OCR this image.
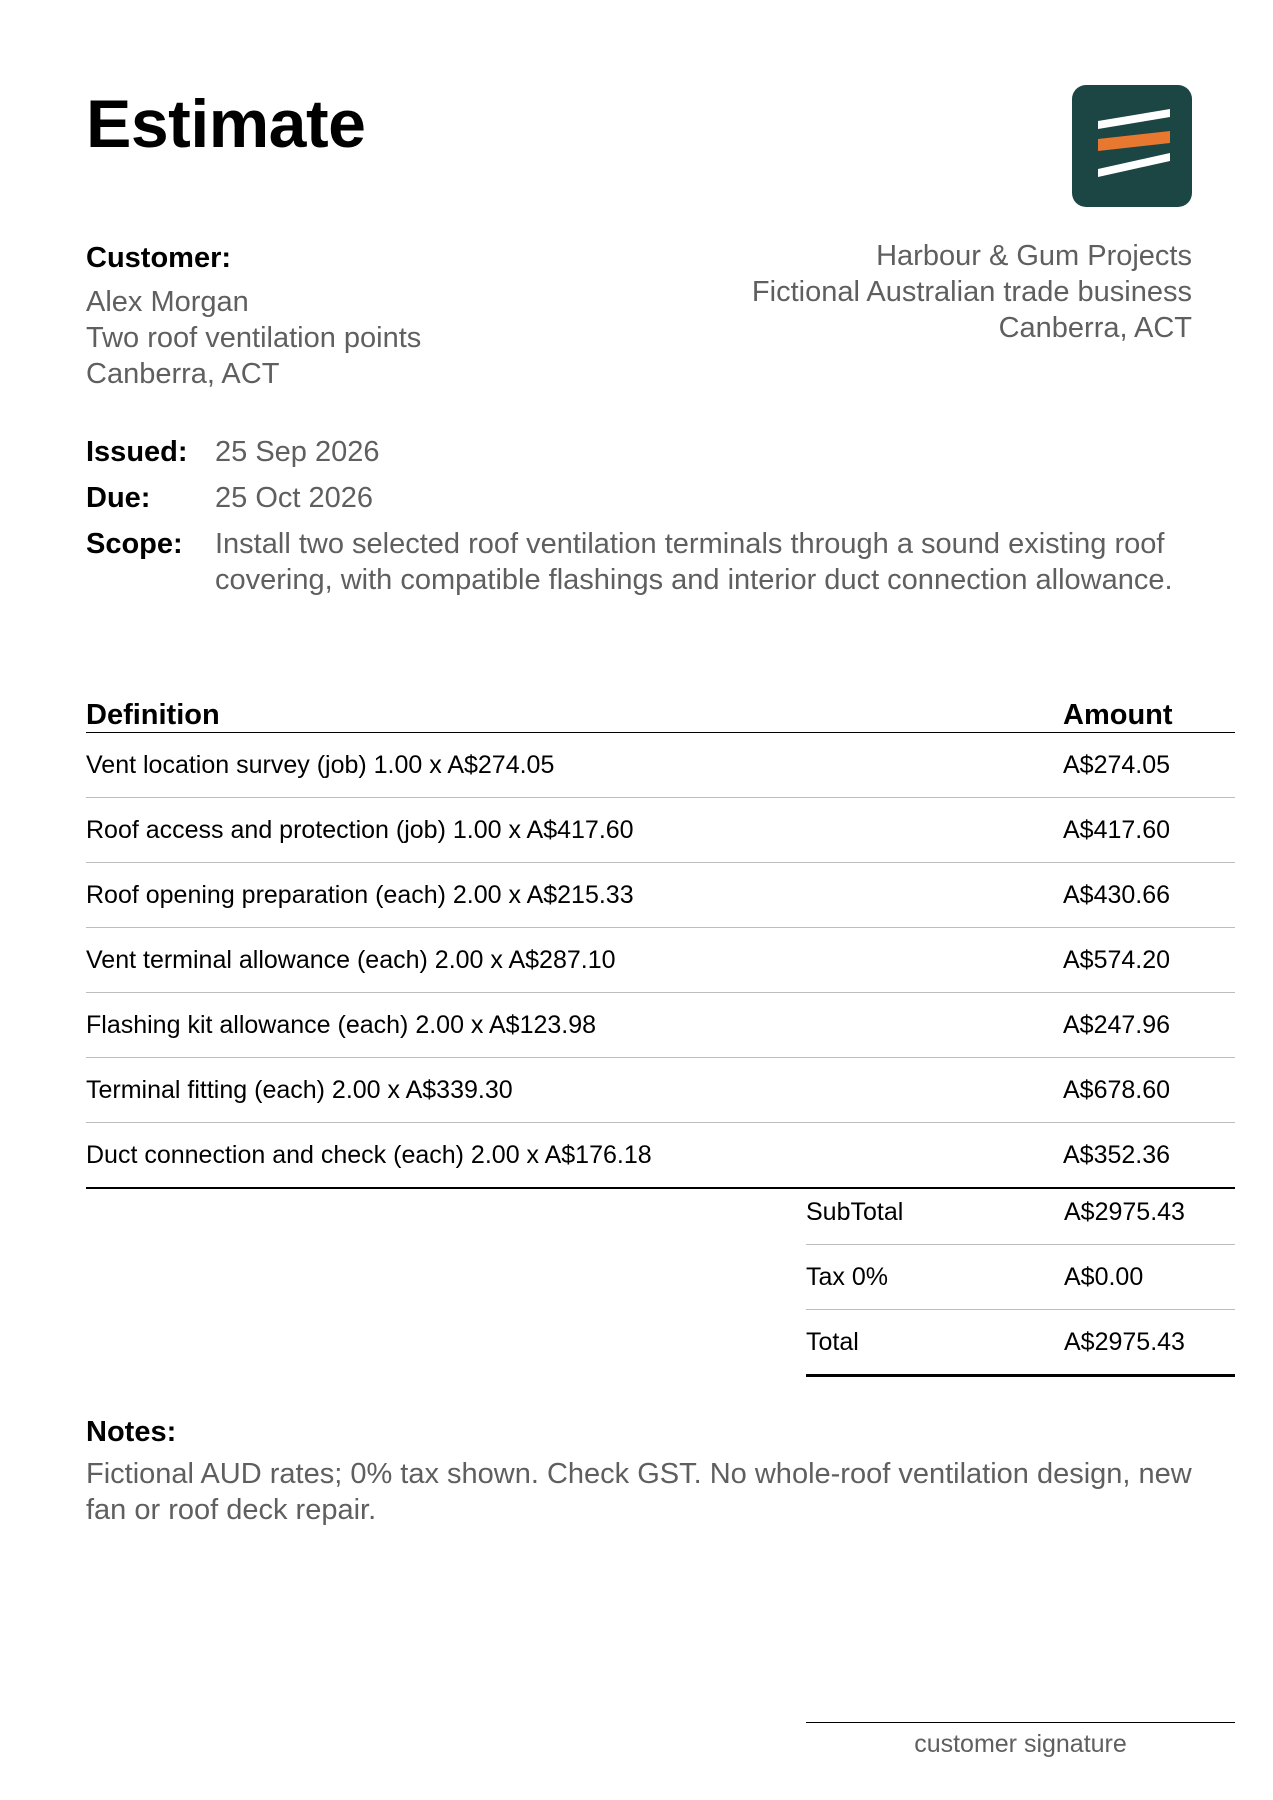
Estimate
Customer:
Alex Morgan
Two roof ventilation points
Canberra, ACT
Harbour & Gum Projects
Fictional Australian trade business
Canberra, ACT
Issued: 25 Sep 2026
Due:	25 Oct 2026
Scope:	Install two selected roof ventilation terminals through a sound existing roof covering, with compatible flashings and interior duct connection allowance.
Definition	Amount
Vent location survey (job) 1.00 x A$274.05	A$274.05
Roof access and protection (job) 1.00 x A$417.60	A$417.60
Roof opening preparation (each) 2.00 x A$215.33	A$430.66
Vent terminal allowance (each) 2.00 x A$287.10	A$574.20
Flashing kit allowance (each) 2.00 x A$123.98	A$247.96
Terminal fitting (each) 2.00 x A$339.30	A$678.60
Duct connection and check (each) 2.00 x A$176.18	A$352.36
SubTotal	A$2975.43
Tax 0%	A$0.00
Total	A$2975.43
Notes:
Fictional AUD rates; 0% tax shown. Check GST. No whole-roof ventilation design, new fan or roof deck repair.
customer signature
